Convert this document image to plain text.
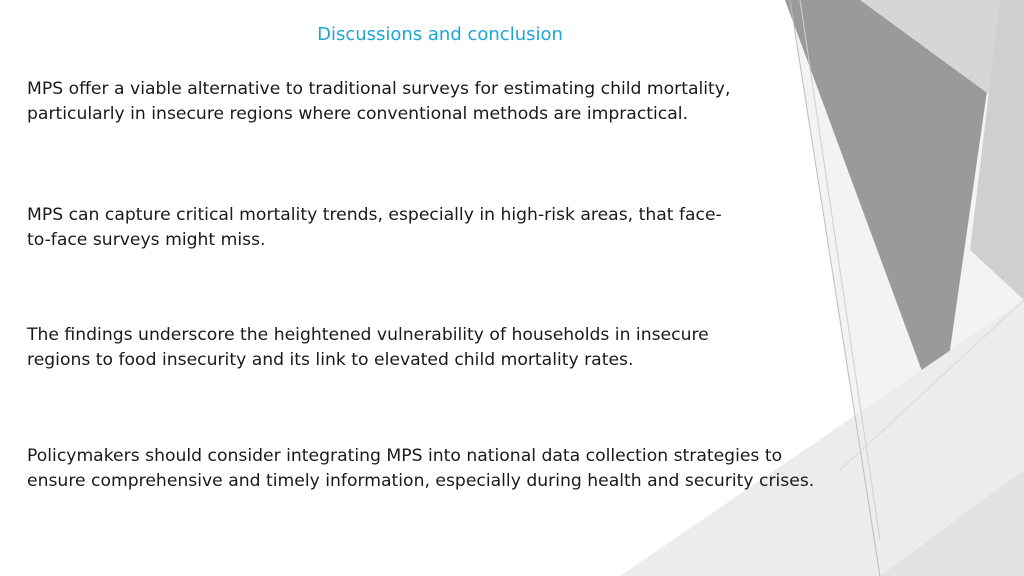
Discussions and conclusion
MPS offer a viable alternative to traditional surveys for estimating child mortality,
particularly in insecure regions where conventional methods are impractical.
MPS can capture critical mortality trends, especially in high-risk areas, that face-
to-face surveys might miss.
The findings underscore the heightened vulnerability of households in insecure
regions to food insecurity and its link to elevated child mortality rates.
Policymakers should consider integrating MPS into national data collection strategies to
ensure comprehensive and timely information, especially during health and security crises.
